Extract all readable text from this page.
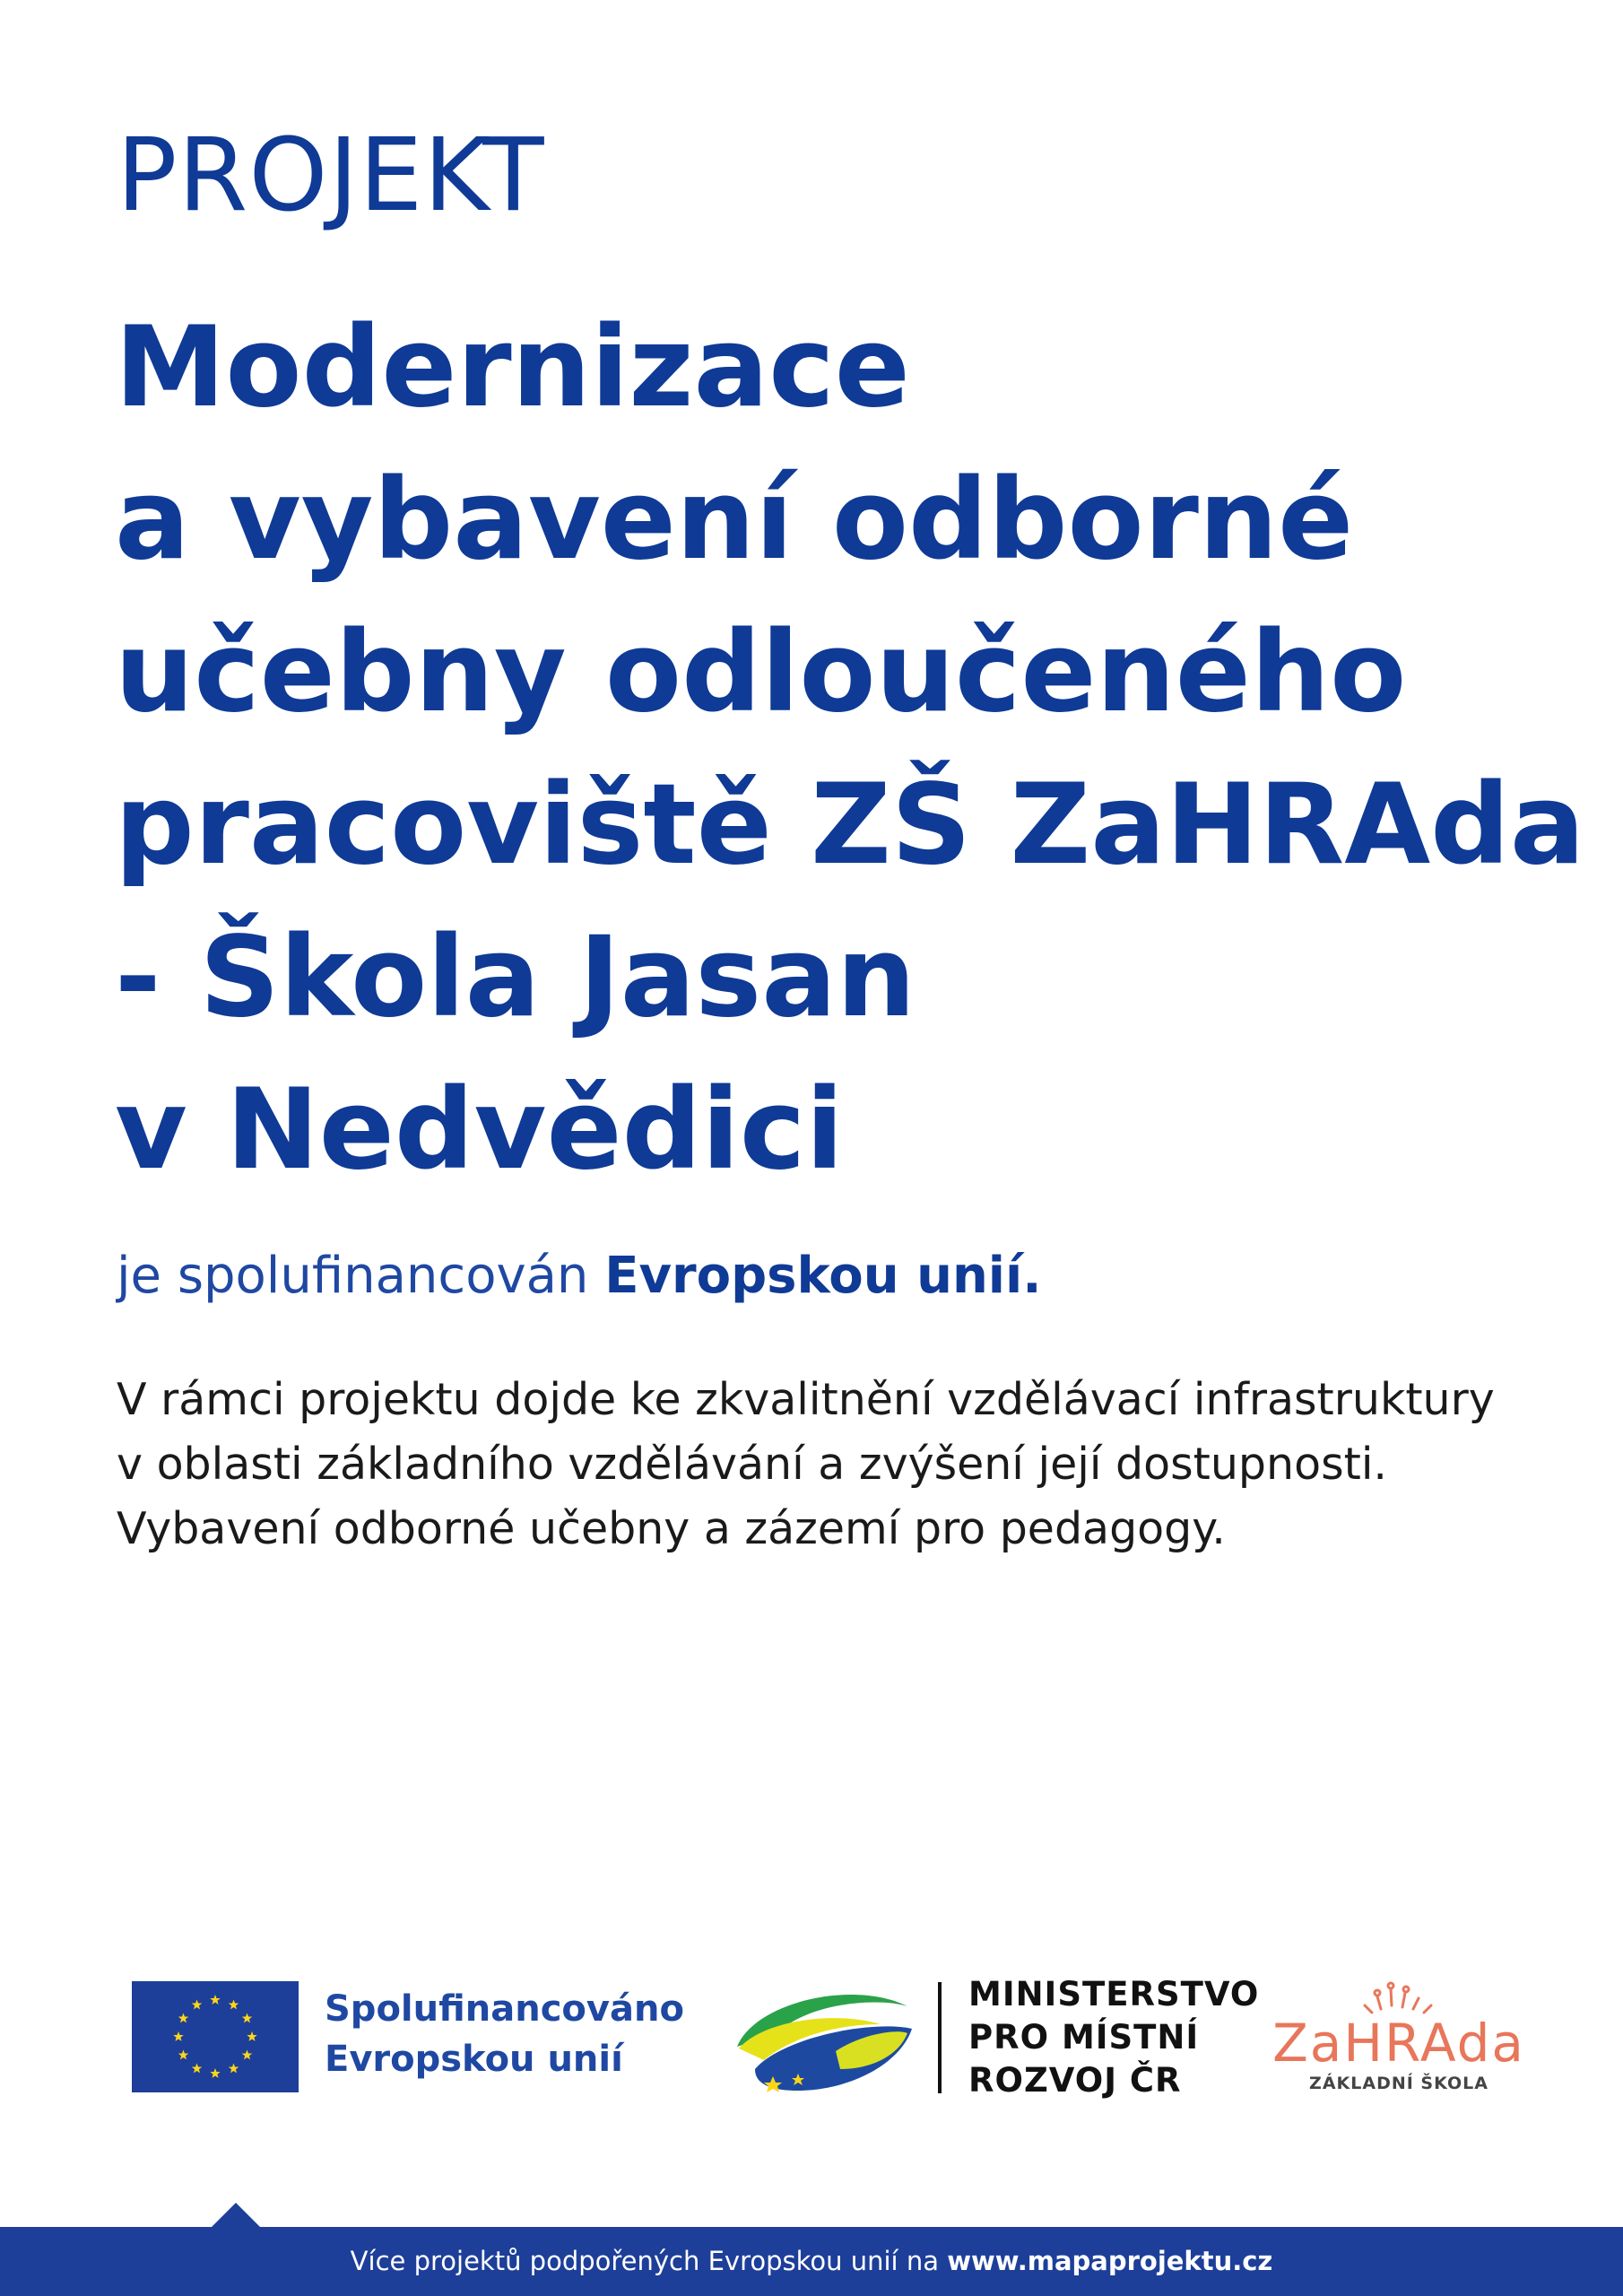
PROJEKT
Modernizace
a vybavení odborné
učebny odloučeného
pracoviště ZŠ ZaHRAda
- Škola Jasan
v Nedvědici
je spolufinancován Evropskou unií.
V rámci projektu dojde ke zkvalitnění vzdělávací infrastruktury
v oblasti základního vzdělávání a zvýšení její dostupnosti.
Vybavení odborné učebny a zázemí pro pedagogy.
Spolufinancováno
Evropskou unií
MINISTERSTVO
PRO MÍSTNÍ
ROZVOJ ČR
ZaHRAda
ZÁKLADNÍ ŠKOLA
Více projektů podpořených Evropskou unií na www.mapaprojektu.cz
